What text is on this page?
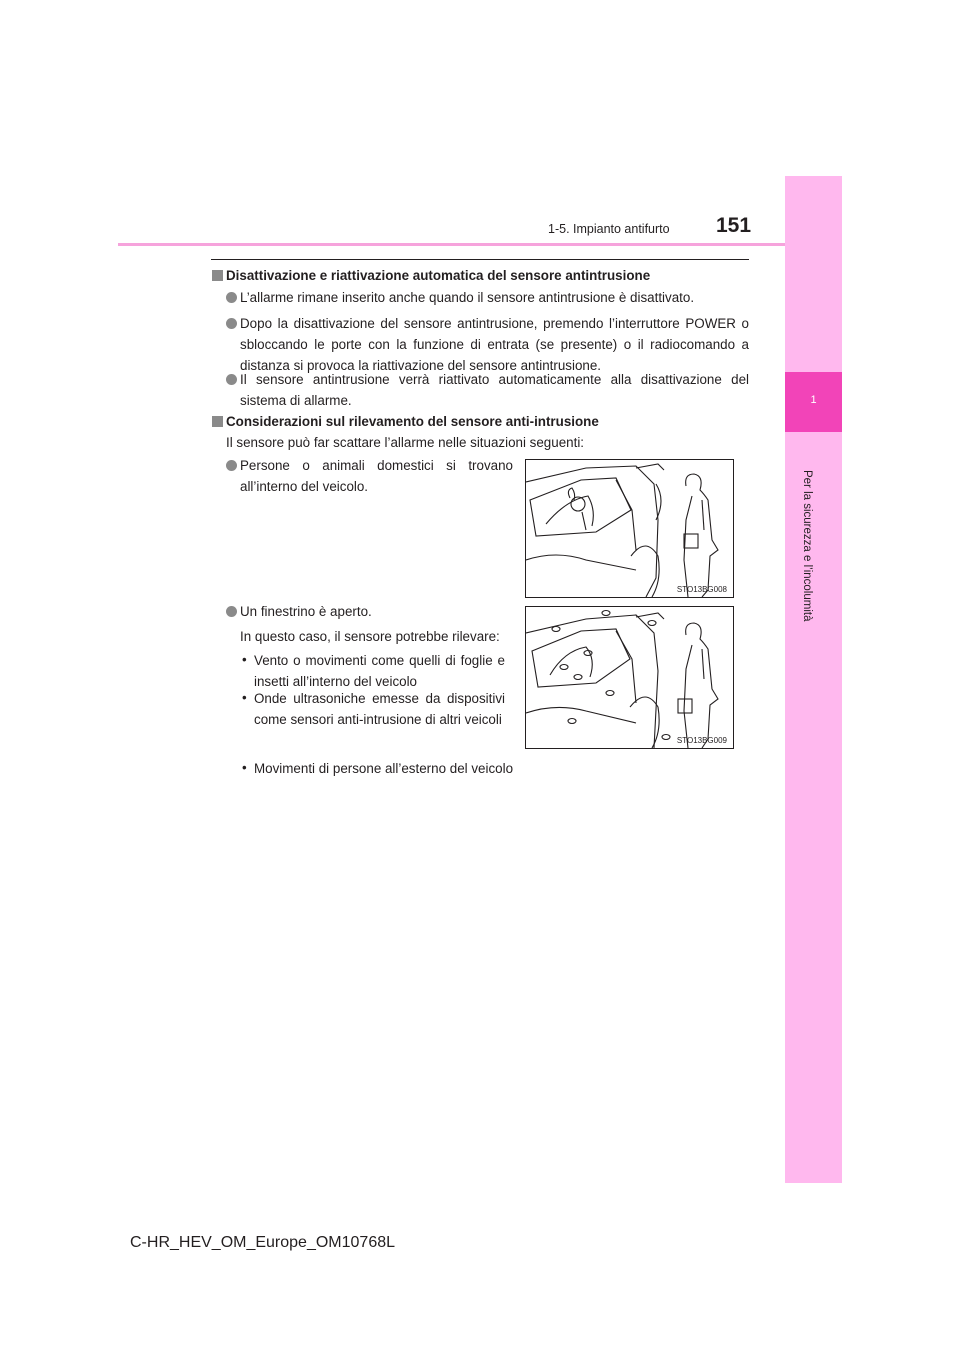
1
Per la sicurezza e l’incolumità
1-5. Impianto antifurto 151
Disattivazione e riattivazione automatica del sensore antintrusione
L’allarme rimane inserito anche quando il sensore antintrusione è disattivato.
Dopo la disattivazione del sensore antintrusione, premendo l’interruttore POWER o sbloccando le porte con la funzione di entrata (se presente) o il radiocomando a distanza si provoca la riattivazione del sensore antintrusione.
Il sensore antintrusione verrà riattivato automaticamente alla disattivazione del sistema di allarme.
Considerazioni sul rilevamento del sensore anti-intrusione
Il sensore può far scattare l’allarme nelle situazioni seguenti:
Persone o animali domestici si trovano all’interno del veicolo.
STO13BG008
Un finestrino è aperto.
In questo caso, il sensore potrebbe rilevare:
• Vento o movimenti come quelli di foglie e insetti all’interno del veicolo
• Onde ultrasoniche emesse da dispositivi come sensori anti-intrusione di altri veicoli
• Movimenti di persone all’esterno del veicolo
STO13BG009
C-HR_HEV_OM_Europe_OM10768L
